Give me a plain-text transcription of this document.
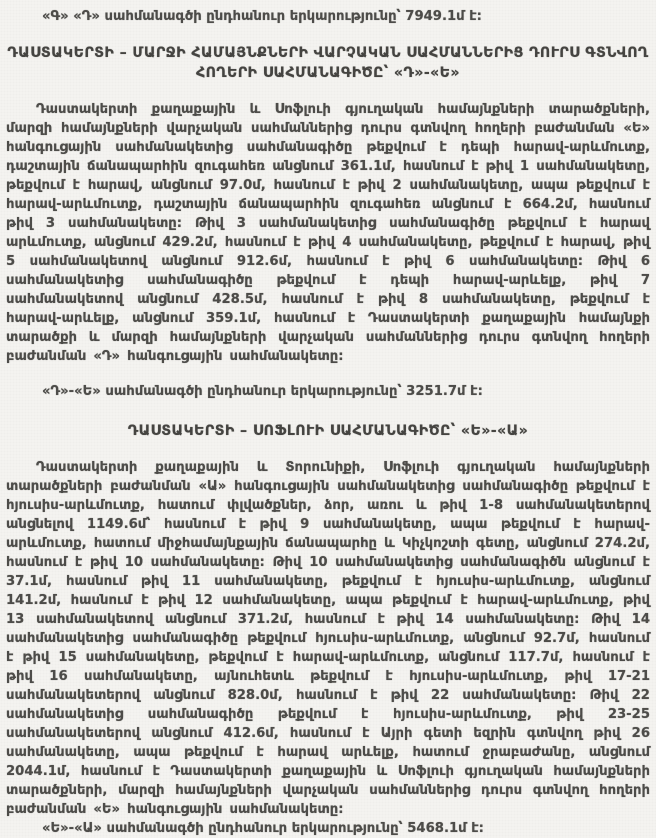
«Գ» «Դ» սահմանագծի ընդհանուր երկարությունը՝ 7949.1մ է:

ԴԱՍՏԱԿԵՐՏԻ – ՄԱՐՋԻ ՀԱՄԱՅՆՔՆԵՐԻ ՎԱՐՉԱԿԱՆ ՍԱՀՄԱՆՆԵՐԻՑ ԴՈՒՐՍ ԳՏՆՎՈՂ ՀՈՂԵՐԻ ՍԱՀՄԱՆԱԳԻԾԸ՝ «Դ»-«Ե»

Դաստակերտի քաղաքային և Սոֆլուի գյուղական համայնքների տարածքների, մարզի համայնքների վարչական սահմաններից դուրս գտնվող հողերի բաժանման «Ե» հանգուցային սահմանակետից սահմանագիծը թեքվում է դեպի հարավ-արևմուտք, դաշտային ճանապարհին զուգահեռ անցնում 361.1մ, հասնում է թիվ 1 սահմանակետը, թեքվում է հարավ, անցնում 97.0մ, հասնում է թիվ 2 սահմանակետը, ապա թեքվում է հարավ-արևմուտք, դաշտային ճանապարհին զուգահեռ անցնում է 664.2մ, հասնում թիվ 3 սահմանակետը: Թիվ 3 սահմանակետից սահմանագիծը թեքվում է հարավ արևմուտք, անցնում 429.2մ, հասնում է թիվ 4 սահմանակետը, թեքվում է հարավ, թիվ 5 սահմանակետով անցնում 912.6մ, հասնում է թիվ 6 սահմանակետը: Թիվ 6 սահմանակետից սահմանագիծը թեքվում է դեպի հարավ-արևելք, թիվ 7 սահմանակետով անցնում 428.5մ, հասնում է թիվ 8 սահմանակետը, թեքվում է հարավ-արևելք, անցնում 359.1մ, հասնում է Դաստակերտի քաղաքային համայնքի տարածքի և մարզի համայնքների վարչական սահմաններից դուրս գտնվող հողերի բաժանման «Դ» հանգուցային սահմանակետը:

«Դ»-«Ե» սահմանագծի ընդհանուր երկարությունը՝ 3251.7մ է:

ԴԱՍՏԱԿԵՐՏԻ – ՍՈՖԼՈՒԻ ՍԱՀՄԱՆԱԳԻԾԸ՝ «Ե»-«Ա»

Դաստակերտի քաղաքային և Տորունիքի, Սոֆլուի գյուղական համայնքների տարածքների բաժանման «Ա» հանգուցային սահմանակետից սահմանագիծը թեքվում է հյուսիս-արևմուտք, հատում փլվածքներ, ձոր, առու և թիվ 1-8 սահմանակետերով անցնելով 1149.6մ՝ հասնում է թիվ 9 սահմանակետը, ապա թեքվում է հարավ-արևմուտք, հատում միջհամայնքային ճանապարհը և Կիչկոշտի գետը, անցնում 274.2մ, հասնում է թիվ 10 սահմանակետը: Թիվ 10 սահմանակետից սահմանագիծն անցնում է 37.1մ, հասնում թիվ 11 սահմանակետը, թեքվում է հյուսիս-արևմուտք, անցնում 141.2մ, հասնում է թիվ 12 սահմանակետը, ապա թեքվում է հարավ-արևմուտք, թիվ 13 սահմանակետով անցնում 371.2մ, հասնում է թիվ 14 սահմանակետը: Թիվ 14 սահմանակետից սահմանագիծը թեքվում հյուսիս-արևմուտք, անցնում 92.7մ, հասնում է թիվ 15 սահմանակետը, թեքվում է հարավ-արևմուտք, անցնում 117.7մ, հասնում է թիվ 16 սահմանակետը, այնուհետև թեքվում է հյուսիս-արևմուտք, թիվ 17-21 սահմանակետերով անցնում 828.0մ, հասնում է թիվ 22 սահմանակետը: Թիվ 22 սահմանակետից սահմանագիծը թեքվում է հյուսիս-արևմուտք, թիվ 23-25 սահմանակետերով անցնում 412.6մ, հասնում է Այրի գետի եզրին գտնվող թիվ 26 սահմանակետը, ապա թեքվում է հարավ արևելք, հատում ջրաբաժանը, անցնում 2044.1մ, հասնում է Դաստակերտի քաղաքային և Սոֆլուի գյուղական համայնքների տարածքների, մարզի համայնքների վարչական սահմաններից դուրս գտնվող հողերի բաժանման «Ե» հանգուցային սահմանակետը:

«Ե»-«Ա» սահմանագծի ընդհանուր երկարությունը՝ 5468.1մ է:
